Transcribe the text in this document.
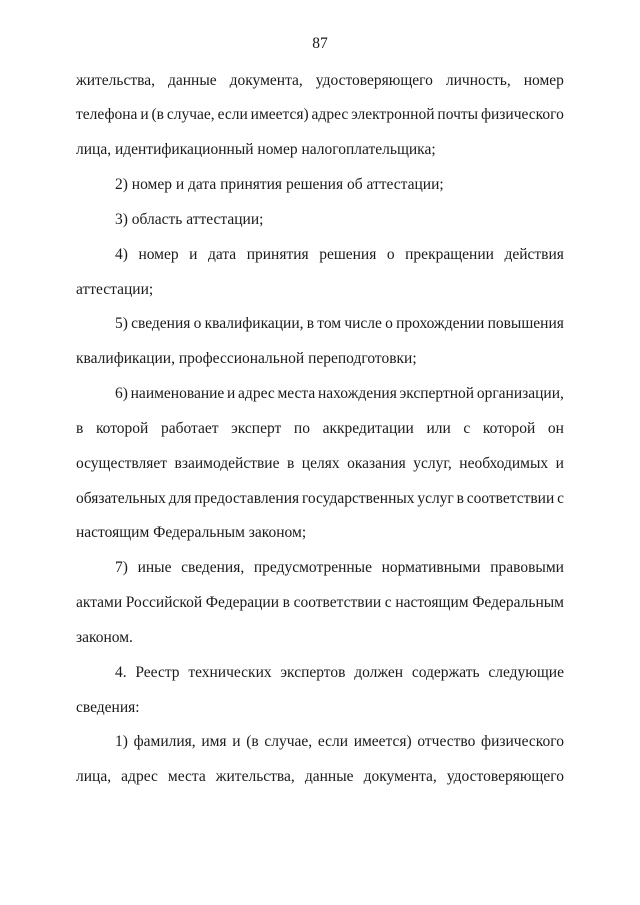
87
жительства, данные документа, удостоверяющего личность, номер
телефона и (в случае, если имеется) адрес электронной почты физического
лица, идентификационный номер налогоплательщика;
2) номер и дата принятия решения об аттестации;
3) область аттестации;
4) номер и дата принятия решения о прекращении действия
аттестации;
5) сведения о квалификации, в том числе о прохождении повышения
квалификации, профессиональной переподготовки;
6) наименование и адрес места нахождения экспертной организации,
в которой работает эксперт по аккредитации или с которой он
осуществляет взаимодействие в целях оказания услуг, необходимых и
обязательных для предоставления государственных услуг в соответствии с
настоящим Федеральным законом;
7) иные сведения, предусмотренные нормативными правовыми
актами Российской Федерации в соответствии с настоящим Федеральным
законом.
4. Реестр технических экспертов должен содержать следующие
сведения:
1) фамилия, имя и (в случае, если имеется) отчество физического
лица, адрес места жительства, данные документа, удостоверяющего
